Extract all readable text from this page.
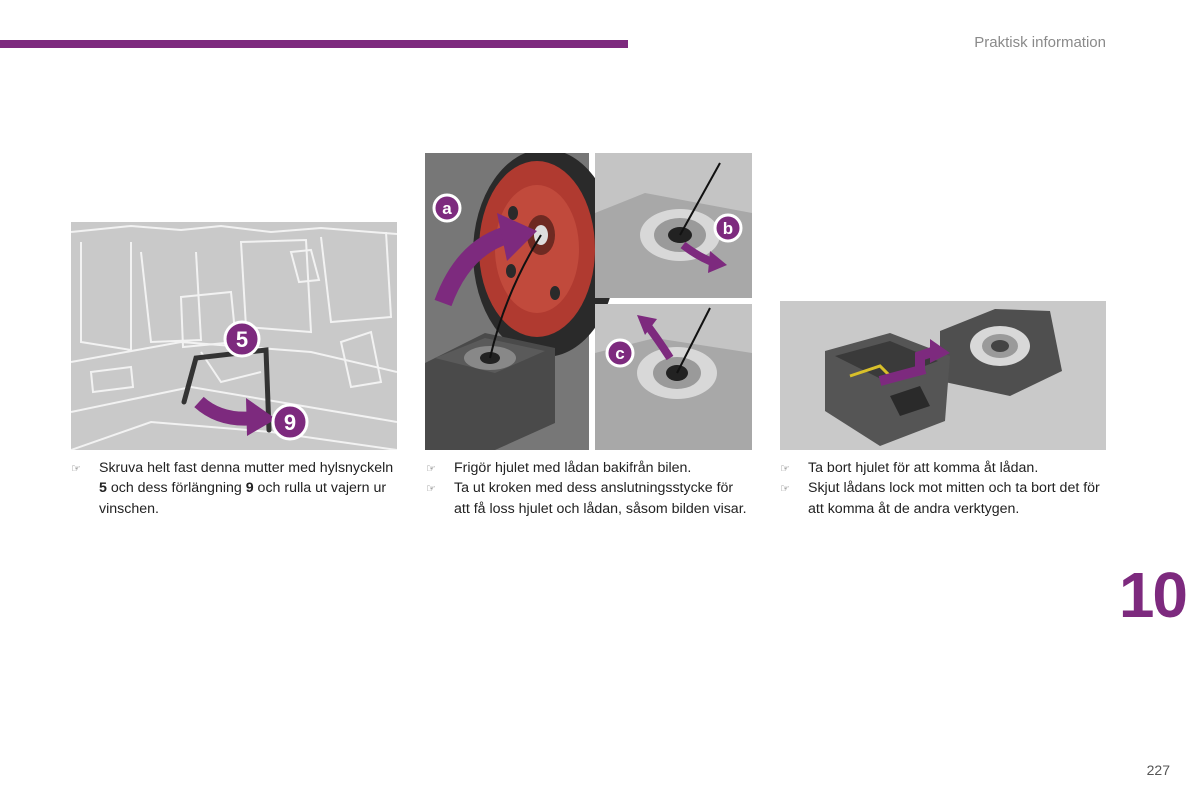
Praktisk information
5
9
a
b
c

☞ Skruva helt fast denna mutter med hylsnyckeln 5 och dess förlängning 9 och rulla ut vajern ur vinschen.

☞ Frigör hjulet med lådan bakifrån bilen.

☞ Ta ut kroken med dess anslutningsstycke för att få loss hjulet och lådan, såsom bilden visar.

☞ Ta bort hjulet för att komma åt lådan.

☞ Skjut lådans lock mot mitten och ta bort det för att komma åt de andra verktygen.

10
227
